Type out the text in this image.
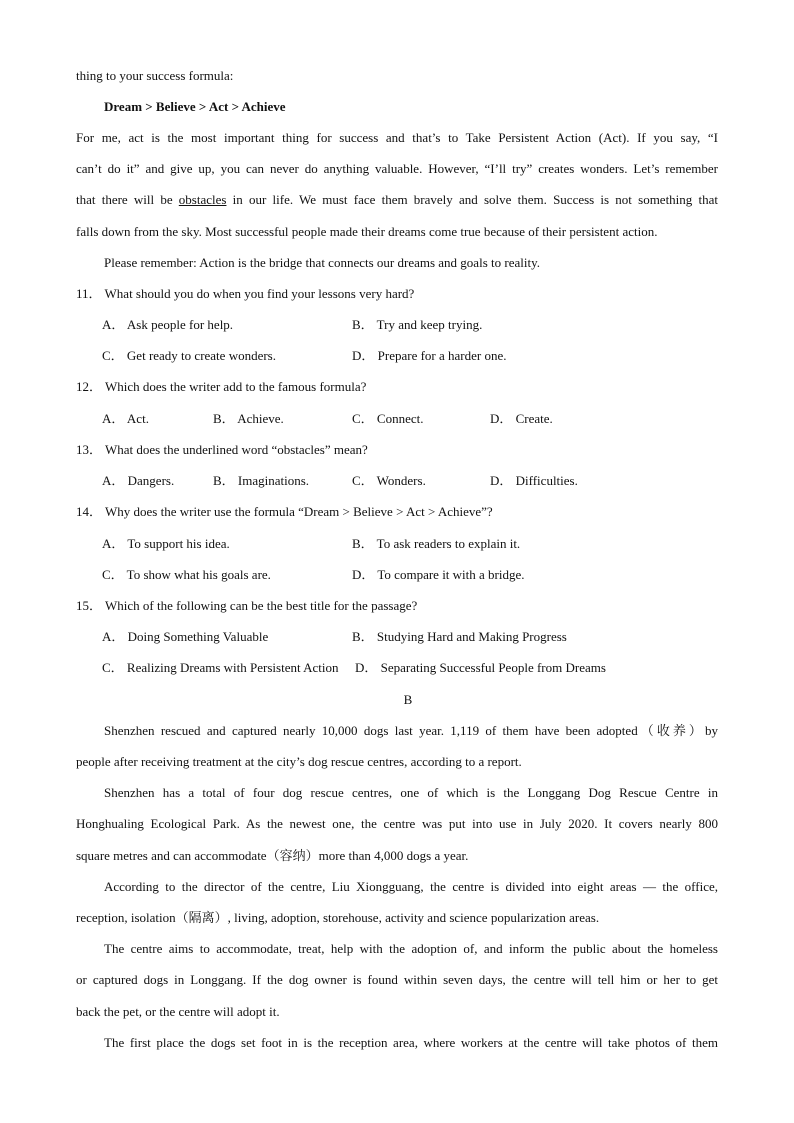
thing to your success formula:
Dream > Believe > Act > Achieve
For me, act is the most important thing for success and that’s to Take Persistent Action (Act). If you say, “I
can’t do it” and give up, you can never do anything valuable. However, “I’ll try” creates wonders. Let’s remember
that there will be obstacles in our life. We must face them bravely and solve them. Success is not something that
falls down from the sky. Most successful people made their dreams come true because of their persistent action.
Please remember: Action is the bridge that connects our dreams and goals to reality.
11． What should you do when you find your lessons very hard?
A． Ask people for help.	B． Try and keep trying.
C． Get ready to create wonders.	D． Prepare for a harder one.
12． Which does the writer add to the famous formula?
A． Act.	B． Achieve.	C． Connect.	D． Create.
13． What does the underlined word “obstacles” mean?
A． Dangers.	B． Imaginations.	C． Wonders.	D． Difficulties.
14． Why does the writer use the formula “Dream > Believe > Act > Achieve”?
A． To support his idea.	B． To ask readers to explain it.
C． To show what his goals are.	D． To compare it with a bridge.
15． Which of the following can be the best title for the passage?
A． Doing Something Valuable	B． Studying Hard and Making Progress
C． Realizing Dreams with Persistent Action D． Separating Successful People from Dreams
B
Shenzhen rescued and captured nearly 10,000 dogs last year. 1,119 of them have been adopted（收养）by
people after receiving treatment at the city’s dog rescue centres, according to a report.
Shenzhen has a total of four dog rescue centres, one of which is the Longgang Dog Rescue Centre in
Honghualing Ecological Park. As the newest one, the centre was put into use in July 2020. It covers nearly 800
square metres and can accommodate（容纳）more than 4,000 dogs a year.
According to the director of the centre, Liu Xiongguang, the centre is divided into eight areas — the office,
reception, isolation（隔离）, living, adoption, storehouse, activity and science popularization areas.
The centre aims to accommodate, treat, help with the adoption of, and inform the public about the homeless
or captured dogs in Longgang. If the dog owner is found within seven days, the centre will tell him or her to get
back the pet, or the centre will adopt it.
The first place the dogs set foot in is the reception area, where workers at the centre will take photos of them
